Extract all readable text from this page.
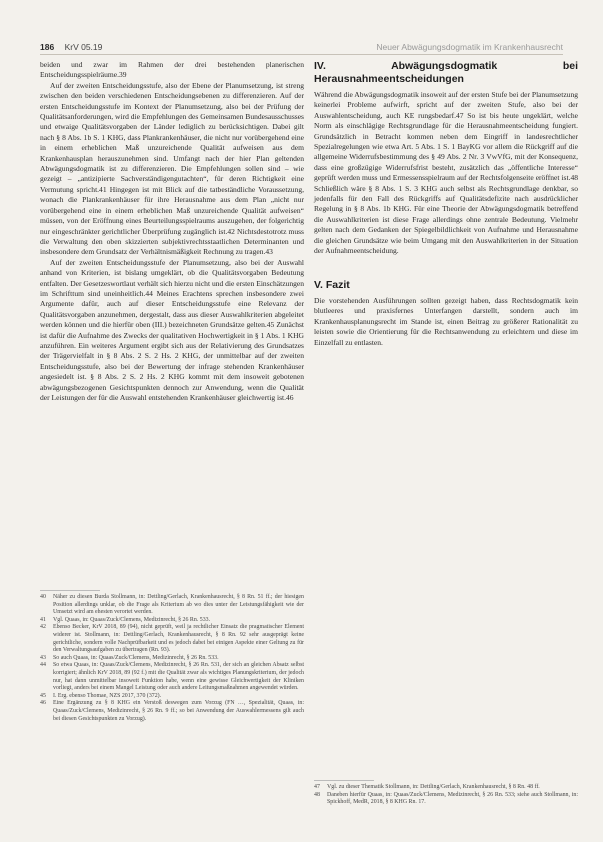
186 KrV 05.19	Neuer Abwägungsdogmatik im Krankenhausrecht

beiden und zwar im Rahmen der drei bestehenden planerischen Entscheidungsspielräume.39

Auf der zweiten Entscheidungsstufe, also der Ebene der Planumsetzung, ist streng zwischen den beiden verschiedenen Entscheidungsebenen zu differenzieren. Auf der ersten Entscheidungsstufe im Kontext der Planumsetzung, also bei der Prüfung der Qualitätsanforderungen, wird die Empfehlungen des Gemeinsamen Bundesausschusses und etwaige Qualitätsvorgaben der Länder lediglich zu berücksichtigen. Dabei gilt nach § 8 Abs. 1b S. 1 KHG, dass Plankrankenhäuser, die nicht nur vorübergehend eine in einem erheblichen Maß unzureichende Qualität aufweisen aus dem Krankenhausplan herauszunehmen sind. Umfangt nach der hier Plan geltenden Abwägungsdogmatik ist zu differenzieren. Die Empfehlungen sollen sind – wie gezeigt – „antizipierte Sachverständigengutachten“, für deren Richtigkeit eine Vermutung spricht.41 Hingegen ist mit Blick auf die tatbeständliche Voraussetzung, wonach die Plankrankenhäuser für ihre Herausnahme aus dem Plan „nicht nur vorübergehend eine in einem erheblichen Maß unzureichende Qualität aufweisen“ müssen, von der Eröffnung eines Beurteilungsspielraums auszugehen, der folgerichtig nur eingeschränkter gerichtlicher Überprüfung zugänglich ist.42 Nichtsdestotrotz muss die Verwaltung den oben skizzierten subjektivrechtsstaatlichen Determinanten und insbesondere dem Grundsatz der Verhältnismäßigkeit Rechnung zu tragen.43

Auf der zweiten Entscheidungsstufe der Planumsetzung, also bei der Auswahl anhand von Kriterien, ist bislang umgeklärt, ob die Qualitätsvorgaben Bedeutung entfalten. Der Gesetzeswortlaut verhält sich hierzu nicht und die ersten Einschätzungen im Schrifttum sind uneinheitlich.44 Meines Erachtens sprechen insbesondere zwei Argumente dafür, auch auf dieser Entscheidungsstufe eine Relevanz der Qualitätsvorgaben anzunehmen, dergestalt, dass aus dieser Auswahlkriterien abgeleitet werden können und die hierfür oben (III.) bezeichneten Grundsätze gelten.45 Zunächst ist dafür die Aufnahme des Zwecks der qualitativen Hochwertigkeit in § 1 Abs. 1 KHG anzuführen. Ein weiteres Argument ergibt sich aus der Relativierung des Grundsatzes der Trägervielfalt in § 8 Abs. 2 S. 2 Hs. 2 KHG, der unmittelbar auf der zweiten Entscheidungsstufe, also bei der Bewertung der infrage stehenden Krankenhäuser angesiedelt ist. § 8 Abs. 2 S. 2 Hs. 2 KHG kommt mit dem insoweit gebotenen abwägungsbezogenen Gesichtspunkten dennoch zur Anwendung, wenn die Qualität der Leistungen der für die Auswahl entstehenden Krankenhäuser gleichwertig ist.46

IV. Abwägungsdogmatik bei Herausnahmeentscheidungen

Während die Abwägungsdogmatik insoweit auf der ersten Stufe bei der Planumsetzung keinerlei Probleme aufwirft, spricht auf der zweiten Stufe, also bei der Auswahlentscheidung, auch KE rungsbedarf.47 So ist bis heute ungeklärt, welche Norm als einschlägige Rechtsgrundlage für die Herausnahmeentscheidung fungiert. Grundsätzlich in Betracht kommen neben dem Eingriff in landesrechtlicher Spezialregelungen wie etwa Art. 5 Abs. 1 S. 1 BayKG vor allem die Rückgriff auf die allgemeine Widerrufsbestimmung des § 49 Abs. 2 Nr. 3 VwVfG, mit der Konsequenz, dass eine großzügige Widerrufsfrist besteht, zusätzlich das „öffentliche Interesse“ geprüft werden muss und Ermessensspielraum auf der Rechtsfolgenseite eröffnet ist.48 Schließlich wäre § 8 Abs. 1 S. 3 KHG auch selbst als Rechtsgrundlage denkbar, so jedenfalls für den Fall des Rückgriffs auf Qualitätsdefizite nach ausdrücklicher Regelung in § 8 Abs. 1b KHG. Für eine Theorie der Abwägungsdogmatik betreffend die Auswahlkriterien ist diese Frage allerdings ohne zentrale Bedeutung. Vielmehr gelten nach dem Gedanken der Spiegelbildlichkeit von Aufnahme und Herausnahme die gleichen Grundsätze wie beim Umgang mit den Auswahlkriterien in der Situation der Aufnahmeentscheidung.

V. Fazit

Die vorstehenden Ausführungen sollten gezeigt haben, dass Rechtsdogmatik kein blutleeres und praxisfernes Unterfangen darstellt, sondern auch im Krankenhausplanungsrecht im Stande ist, einen Beitrag zu größerer Rationalität zu leisten sowie die Orientierung für die Rechtsanwendung zu erleichtern und diese im Einzelfall zu entlasten.

40	Näher zu diesen Burda Stollmann, in: Dettling/Gerlach, Krankenhausrecht, § 8 Rn. 51 ff.; der hiesigen Position allerdings unklar, ob die Frage als Kriterium ab wo dies unter der Leistungsfähigkeit wie der Umsetzt wird am ehesten verortet werden.
41	Vgl. Quaas, in: Quaas/Zuck/Clemens, Medizinrecht, § 26 Rn. 533.
42	Ebenso Becker, KrV 2018, 89 (94), nicht geprüft, weil ja rechtlicher Einsatz die pragmatischer Element widerer ist. Stollmann, in: Dettling/Gerlach, Krankenhausrecht, § 8 Rn. 92 sehr ausgeprägt keine gerichtliche, sondern volle Nachprüfbarkeit und es jedoch dabei bei einigen Aspekte einer Geltung zu für den Verwaltungsaufgaben zu übertragen (Rn. 93).
43	So auch Quaas, in: Quaas/Zuck/Clemens, Medizinrecht, § 26 Rn. 533.
44	So etwa Quaas, in: Quaas/Zuck/Clemens, Medizinrecht, § 26 Rn. 531, der sich an gleichen Absatz selbst korrigiert; ähnlich KrV 2018, 89 (92 f.) mit die Qualität zwar als wichtiges Planungskriterium, der jedoch nur, hat dann unmittelbar insoweit Funktion habe, wenn eine gewisse Gleichwertigkeit der Kliniken vorliegt, anders bei einem Mangel Leistung oder auch andere Leitungsmaßnahmen angewendet würden.
45	I. Erg. ebenso Thomae, NZS 2017, 370 (372).
46	Eine Ergänzung zu § 8 KHG ein Verstoß deswegen zum Vorzug (FN …, Spezialität, Quaas, in: Quaas/Zuck/Clemens, Medizinrecht, § 26 Rn. 9 ff.; so bei Anwendung der Auswahlermessens gilt auch bei diesen Gesichtspunkten zu Vorzug).
47	Vgl. zu dieser Thematik Stollmann, in: Dettling/Gerlach, Krankenhausrecht, § 8 Rn. 48 ff.
48	Daneben hierfür Quaas, in: Quaas/Zuck/Clemens, Medizinrecht, § 26 Rn. 533; siehe auch Stollmann, in: Spickhoff, MedR, 2018, § 8 KHG Rn. 17.
